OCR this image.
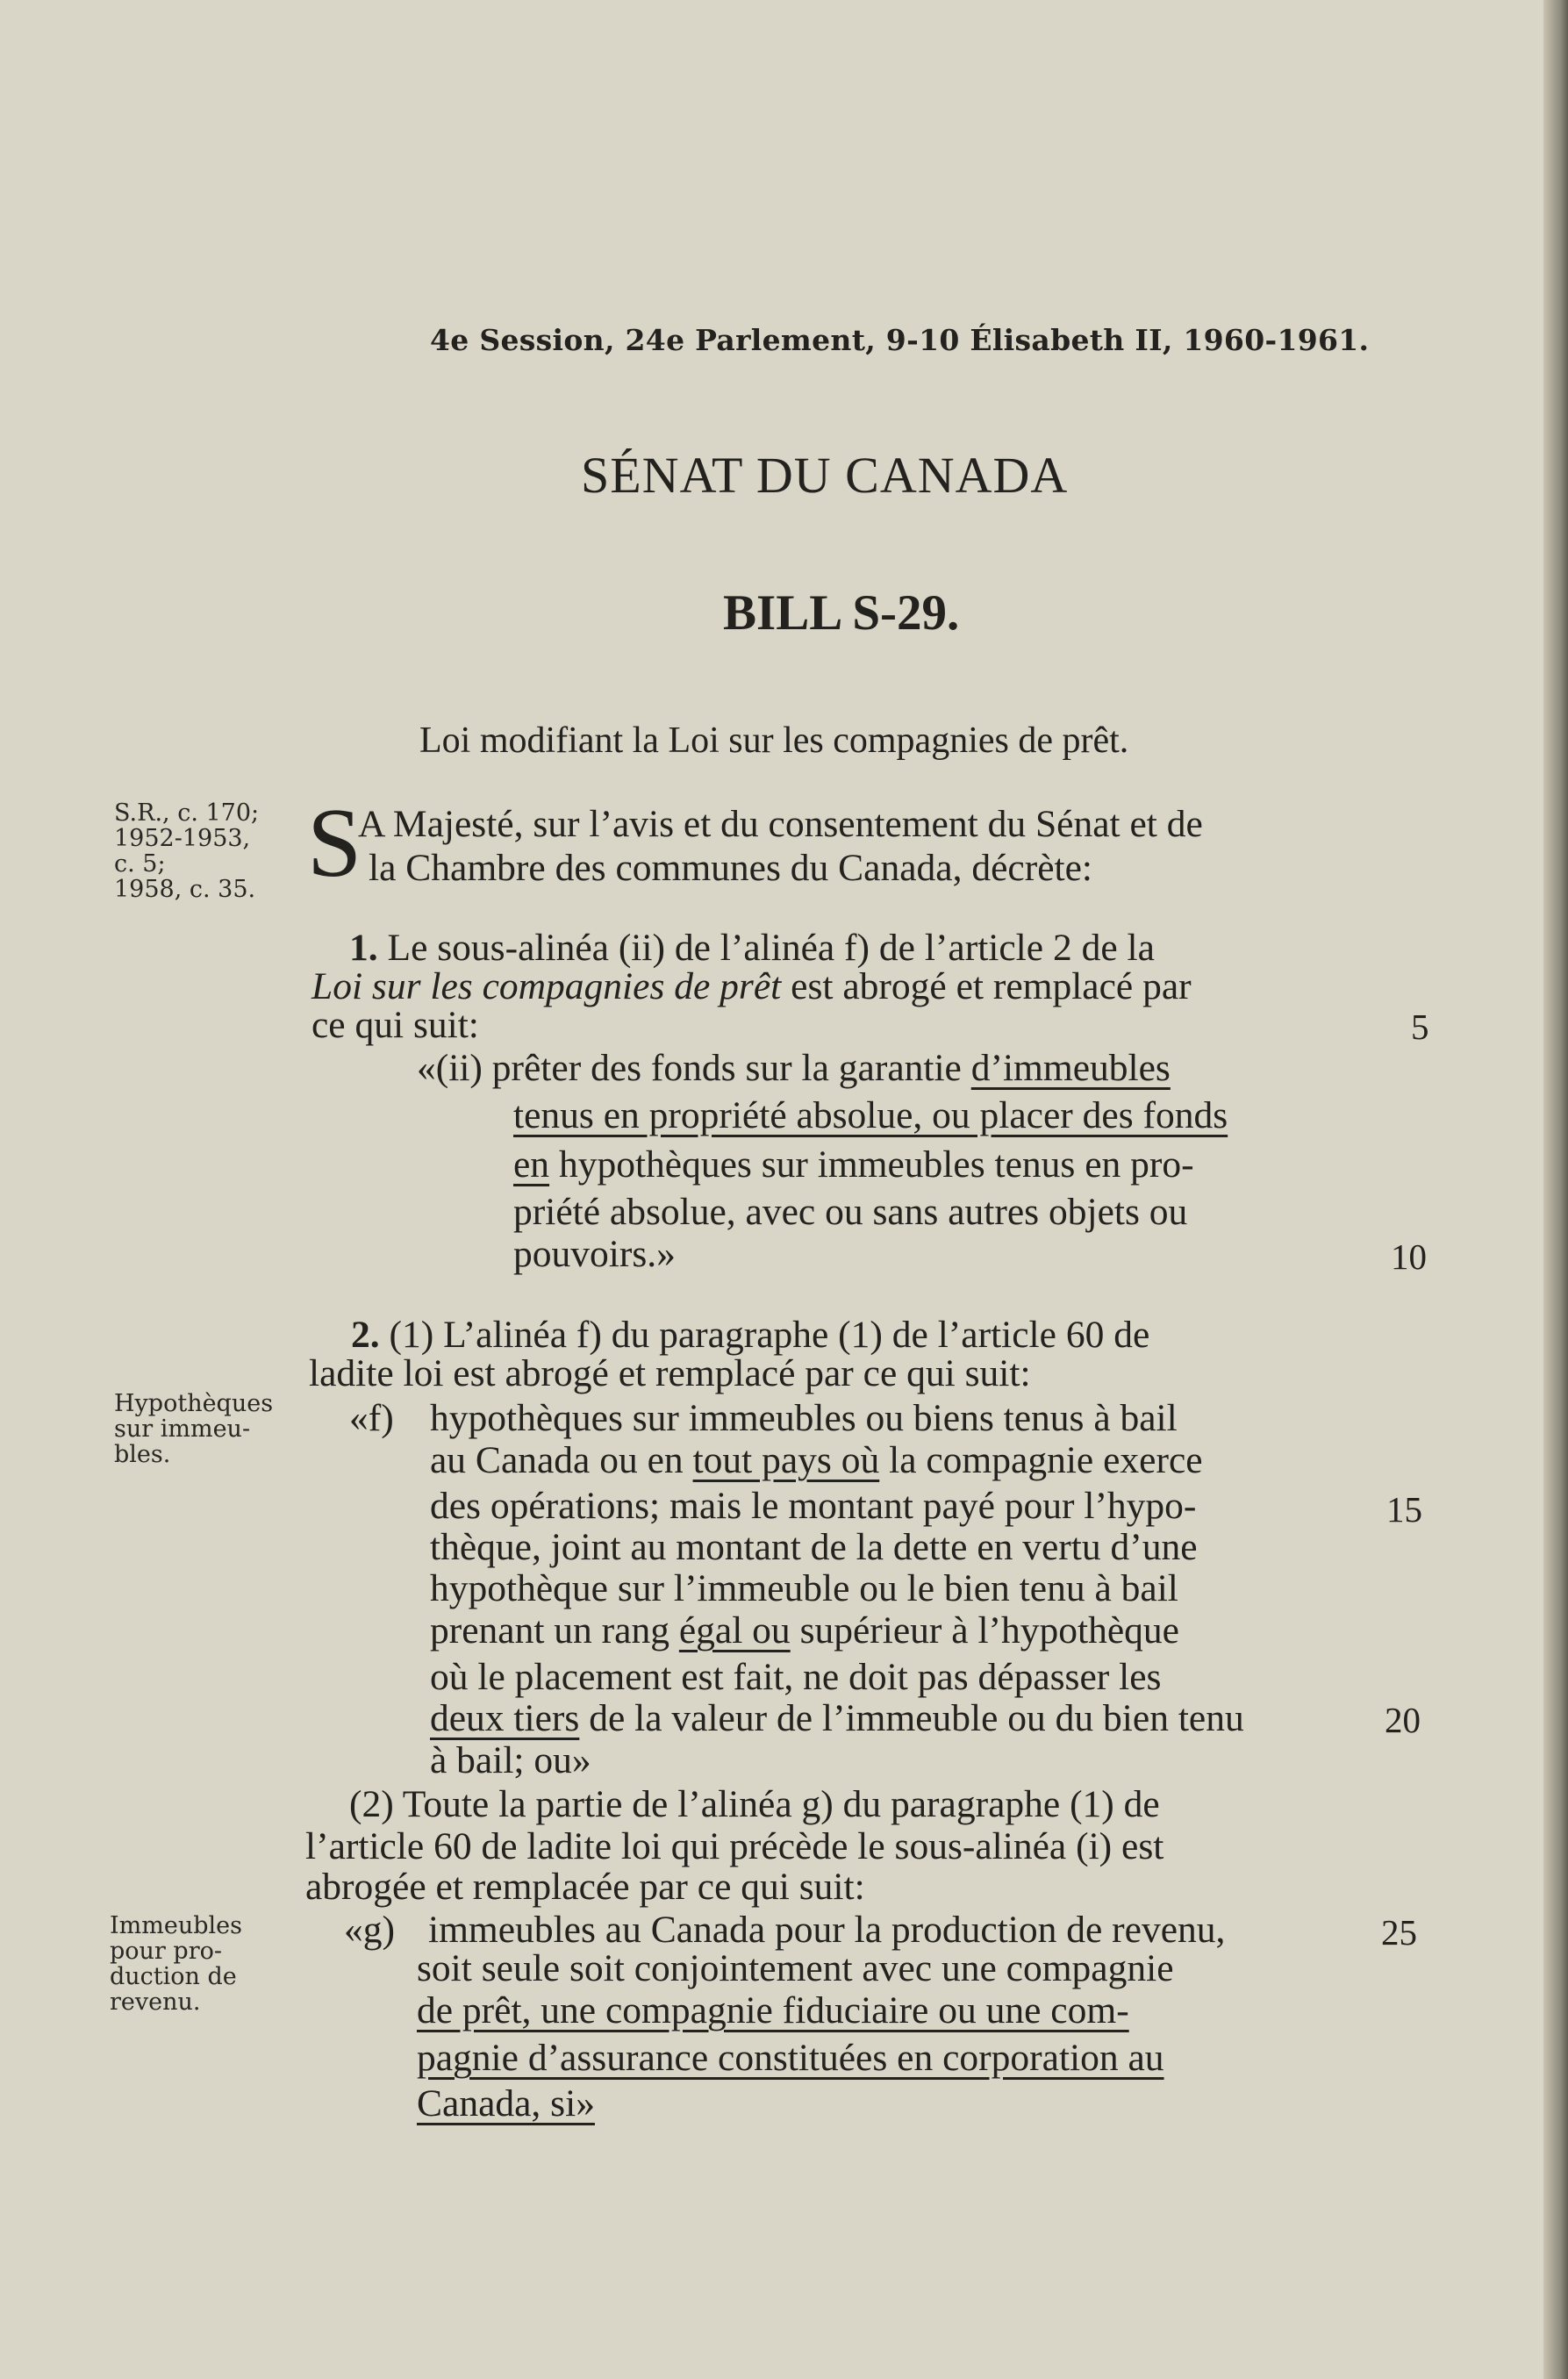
4e Session, 24e Parlement, 9-10 Élisabeth II, 1960-1961.
SÉNAT DU CANADA
BILL S-29.
Loi modifiant la Loi sur les compagnies de prêt.
S.R., c. 170;
1952-1953,
c. 5;
1958, c. 35.
Hypothèques
sur immeu-
bles.
Immeubles
pour pro-
duction de
revenu.
S
A Majesté, sur l’avis et du consentement du Sénat et de
la Chambre des communes du Canada, décrète:
1. Le sous-alinéa (ii) de l’alinéa f) de l’article 2 de la
Loi sur les compagnies de prêt est abrogé et remplacé par
ce qui suit:
«(ii) prêter des fonds sur la garantie d’immeubles
tenus en propriété absolue, ou placer des fonds
en hypothèques sur immeubles tenus en pro-
priété absolue, avec ou sans autres objets ou
pouvoirs.»
2. (1) L’alinéa f) du paragraphe (1) de l’article 60 de
ladite loi est abrogé et remplacé par ce qui suit:
«f) hypothèques sur immeubles ou biens tenus à bail
au Canada ou en tout pays où la compagnie exerce
des opérations; mais le montant payé pour l’hypo-
thèque, joint au montant de la dette en vertu d’une
hypothèque sur l’immeuble ou le bien tenu à bail
prenant un rang égal ou supérieur à l’hypothèque
où le placement est fait, ne doit pas dépasser les
deux tiers de la valeur de l’immeuble ou du bien tenu
à bail; ou»
(2) Toute la partie de l’alinéa g) du paragraphe (1) de
l’article 60 de ladite loi qui précède le sous-alinéa (i) est
abrogée et remplacée par ce qui suit:
«g) immeubles au Canada pour la production de revenu,
soit seule soit conjointement avec une compagnie
de prêt, une compagnie fiduciaire ou une com-
pagnie d’assurance constituées en corporation au
Canada, si»
5
10
15
20
25
